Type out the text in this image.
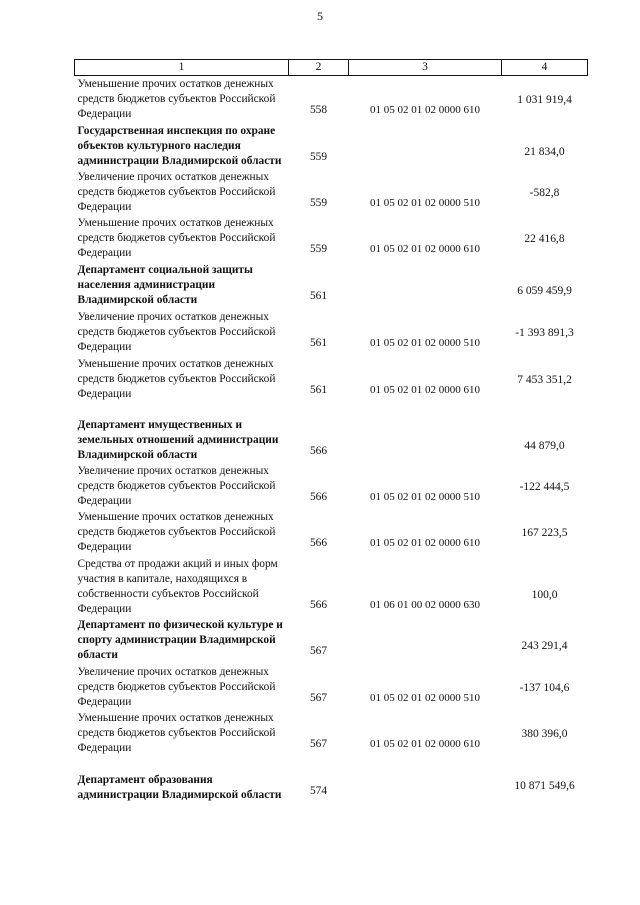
5
1	2	3	4
Уменьшение прочих остатков денежных средств бюджетов субъектов Российской Федерации	558	01 05 02 01 02 0000 610	1 031 919,4
Государственная инспекция по охране объектов культурного наследия администрации Владимирской области	559		21 834,0
Увеличение прочих остатков денежных средств бюджетов субъектов Российской Федерации	559	01 05 02 01 02 0000 510	-582,8
Уменьшение прочих остатков денежных средств бюджетов субъектов Российской Федерации	559	01 05 02 01 02 0000 610	22 416,8
Департамент социальной защиты населения администрации Владимирской области	561		6 059 459,9
Увеличение прочих остатков денежных средств бюджетов субъектов Российской Федерации	561	01 05 02 01 02 0000 510	-1 393 891,3
Уменьшение прочих остатков денежных средств бюджетов субъектов Российской Федерации	561	01 05 02 01 02 0000 610	7 453 351,2
Департамент имущественных и земельных отношений администрации Владимирской области	566		44 879,0
Увеличение прочих остатков денежных средств бюджетов субъектов Российской Федерации	566	01 05 02 01 02 0000 510	-122 444,5
Уменьшение прочих остатков денежных средств бюджетов субъектов Российской Федерации	566	01 05 02 01 02 0000 610	167 223,5
Средства от продажи акций и иных форм участия в капитале, находящихся в собственности субъектов Российской Федерации	566	01 06 01 00 02 0000 630	100,0
Департамент по физической культуре и спорту администрации Владимирской области	567		243 291,4
Увеличение прочих остатков денежных средств бюджетов субъектов Российской Федерации	567	01 05 02 01 02 0000 510	-137 104,6
Уменьшение прочих остатков денежных средств бюджетов субъектов Российской Федерации	567	01 05 02 01 02 0000 610	380 396,0
Департамент образования администрации Владимирской области	574		10 871 549,6
